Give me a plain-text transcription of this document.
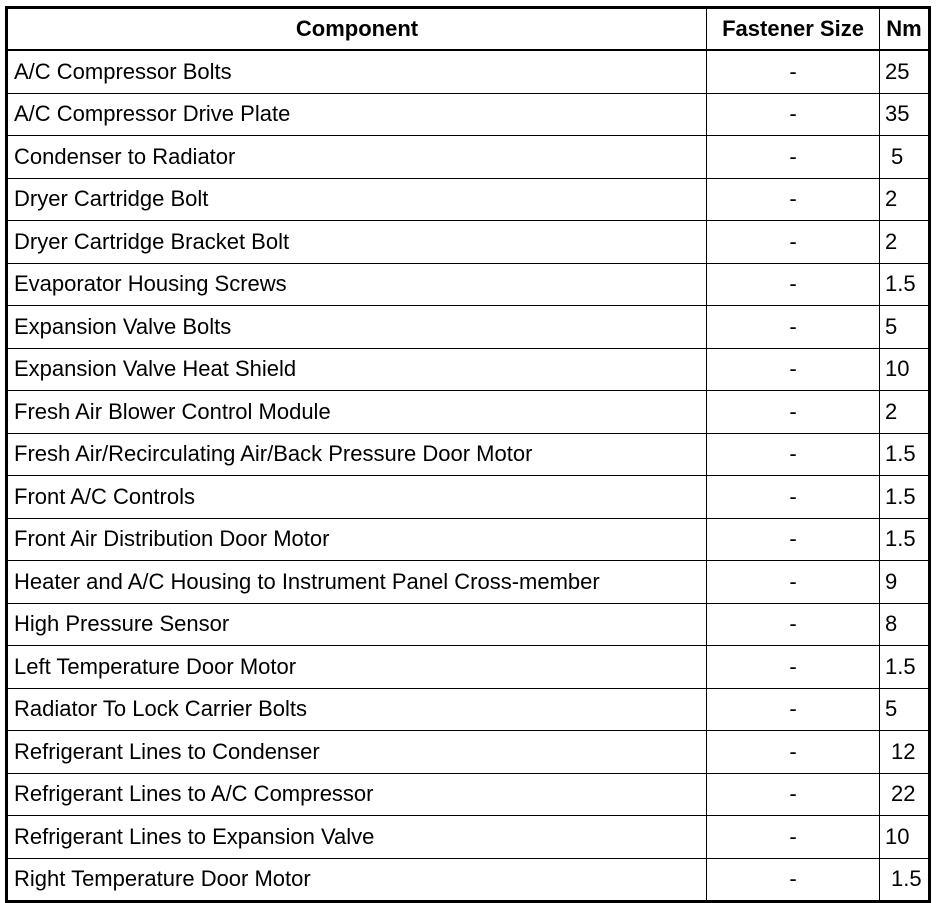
Component	Fastener Size	Nm
A/C Compressor Bolts	-	25
A/C Compressor Drive Plate	-	35
Condenser to Radiator	-	5
Dryer Cartridge Bolt	-	2
Dryer Cartridge Bracket Bolt	-	2
Evaporator Housing Screws	-	1.5
Expansion Valve Bolts	-	5
Expansion Valve Heat Shield	-	10
Fresh Air Blower Control Module	-	2
Fresh Air/Recirculating Air/Back Pressure Door Motor	-	1.5
Front A/C Controls	-	1.5
Front Air Distribution Door Motor	-	1.5
Heater and A/C Housing to Instrument Panel Cross-member	-	9
High Pressure Sensor	-	8
Left Temperature Door Motor	-	1.5
Radiator To Lock Carrier Bolts	-	5
Refrigerant Lines to Condenser	-	12
Refrigerant Lines to A/C Compressor	-	22
Refrigerant Lines to Expansion Valve	-	10
Right Temperature Door Motor	-	1.5
